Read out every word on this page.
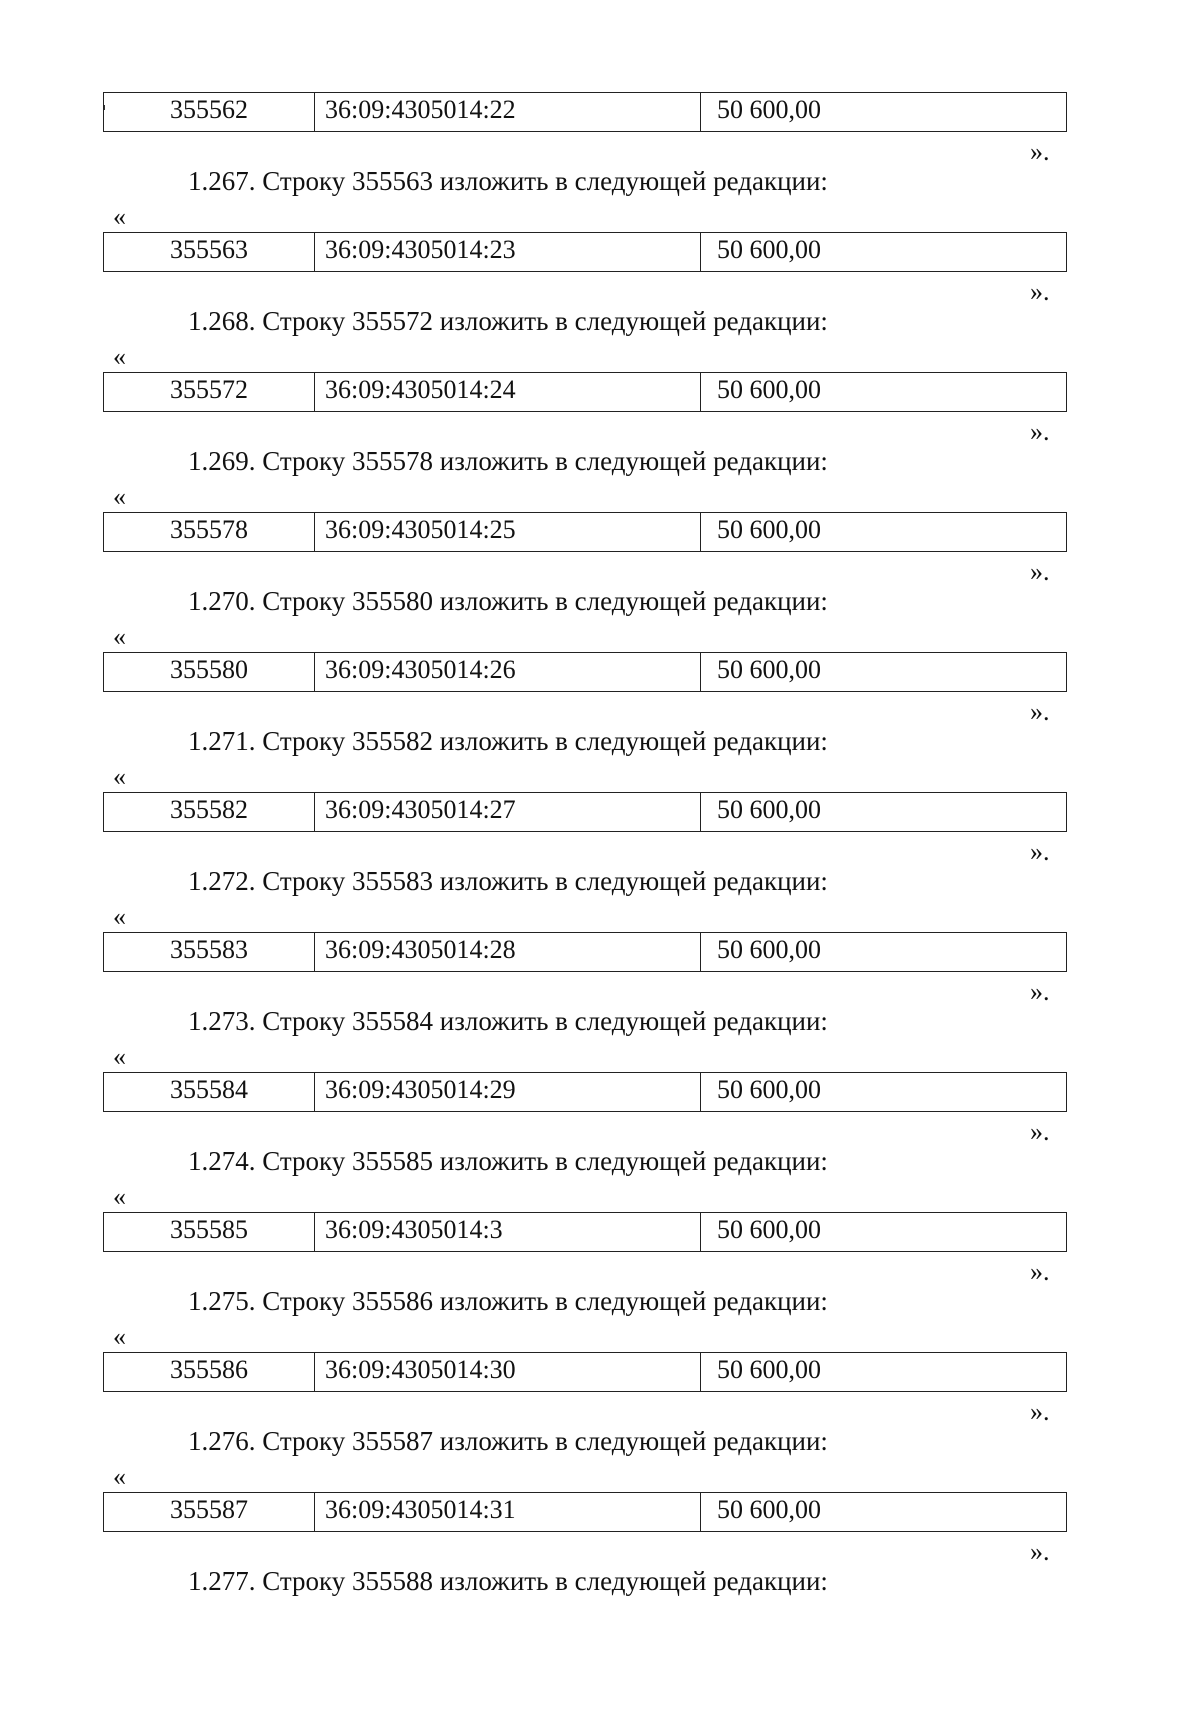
355562	36:09:4305014:22	50 600,00
1.267. Строку 355563 изложить в следующей редакции:
«
355563	36:09:4305014:23	50 600,00
».
1.268. Строку 355572 изложить в следующей редакции:
«
355572	36:09:4305014:24	50 600,00
».
1.269. Строку 355578 изложить в следующей редакции:
«
355578	36:09:4305014:25	50 600,00
».
1.270. Строку 355580 изложить в следующей редакции:
«
355580	36:09:4305014:26	50 600,00
».
1.271. Строку 355582 изложить в следующей редакции:
«
355582	36:09:4305014:27	50 600,00
».
1.272. Строку 355583 изложить в следующей редакции:
«
355583	36:09:4305014:28	50 600,00
».
1.273. Строку 355584 изложить в следующей редакции:
«
355584	36:09:4305014:29	50 600,00
».
1.274. Строку 355585 изложить в следующей редакции:
«
355585	36:09:4305014:3	50 600,00
».
1.275. Строку 355586 изложить в следующей редакции:
«
355586	36:09:4305014:30	50 600,00
».
1.276. Строку 355587 изложить в следующей редакции:
«
355587	36:09:4305014:31	50 600,00
».
».
1.277. Строку 355588 изложить в следующей редакции:
